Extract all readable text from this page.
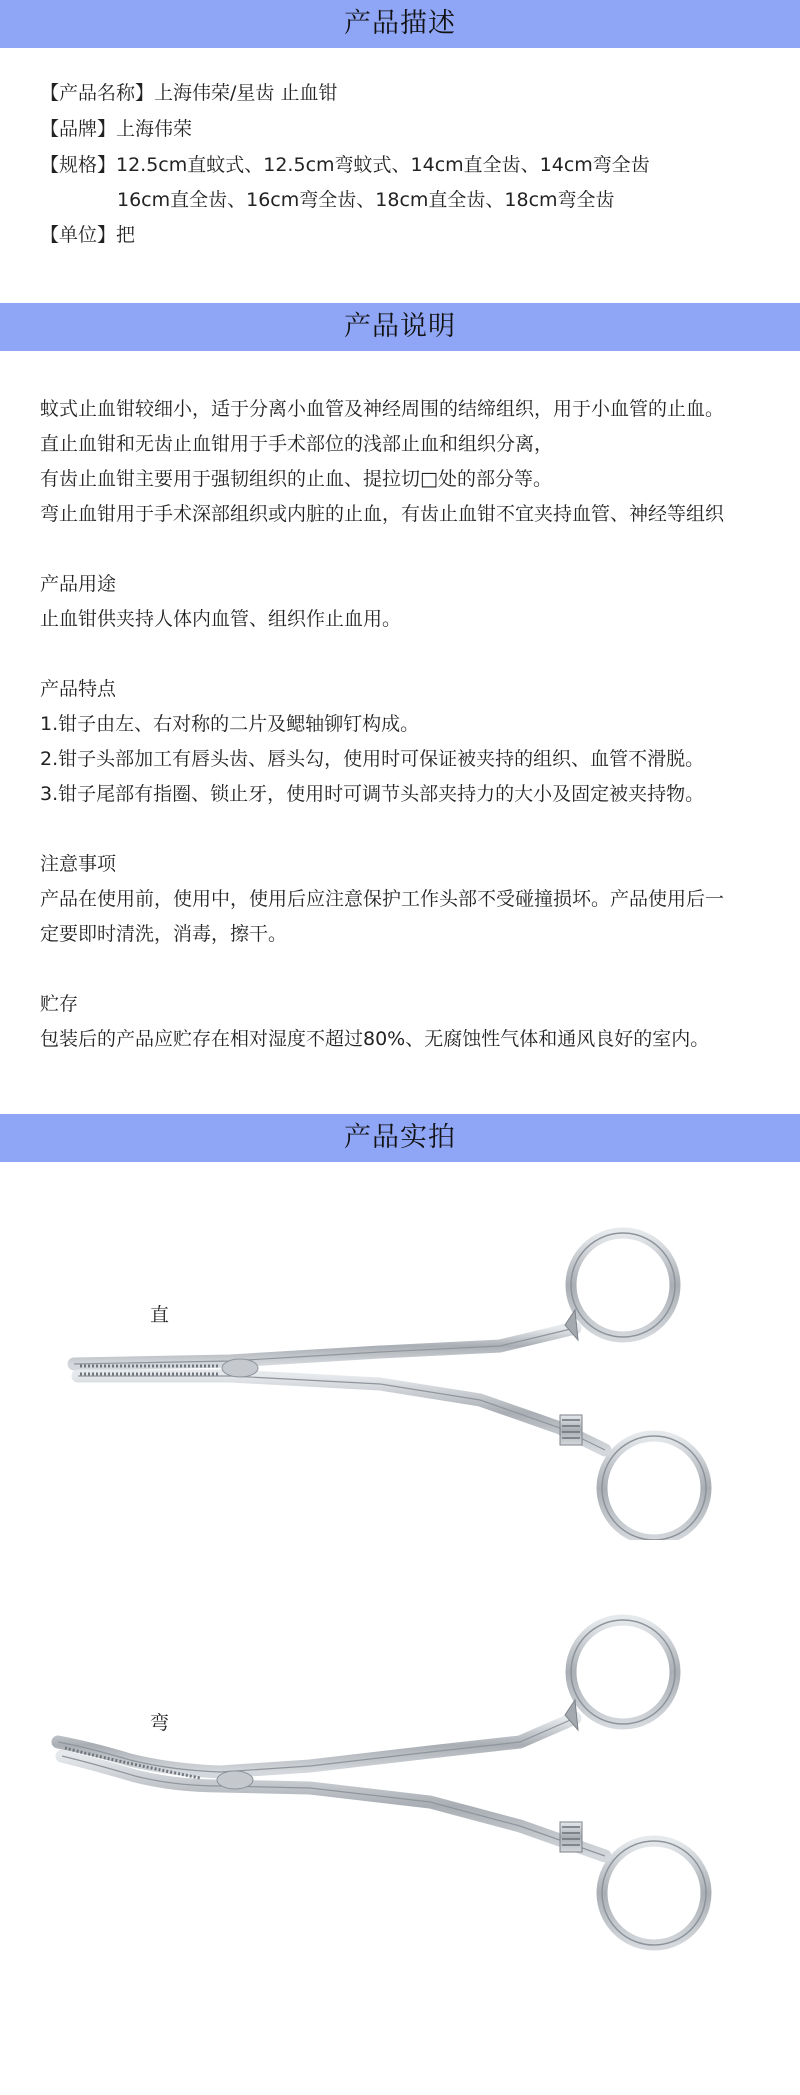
产品描述
【产品名称】上海伟荣/星齿 止血钳
【品牌】上海伟荣
【规格】12.5cm直蚊式、12.5cm弯蚊式、14cm直全齿、14cm弯全齿
16cm直全齿、16cm弯全齿、18cm直全齿、18cm弯全齿
【单位】把
产品说明
蚊式止血钳较细小，适于分离小血管及神经周围的结缔组织，用于小血管的止血。
直止血钳和无齿止血钳用于手术部位的浅部止血和组织分离，
有齿止血钳主要用于强韧组织的止血、提拉切□处的部分等。
弯止血钳用于手术深部组织或内脏的止血，有齿止血钳不宜夹持血管、神经等组织
产品用途
止血钳供夹持人体内血管、组织作止血用。
产品特点
1.钳子由左、右对称的二片及鳃轴铆钉构成。
2.钳子头部加工有唇头齿、唇头勾，使用时可保证被夹持的组织、血管不滑脱。
3.钳子尾部有指圈、锁止牙，使用时可调节头部夹持力的大小及固定被夹持物。
注意事项
产品在使用前，使用中，使用后应注意保护工作头部不受碰撞损坏。产品使用后一
定要即时清洗，消毒，擦干。
贮存
包装后的产品应贮存在相对湿度不超过80%、无腐蚀性气体和通风良好的室内。
产品实拍
直
弯
